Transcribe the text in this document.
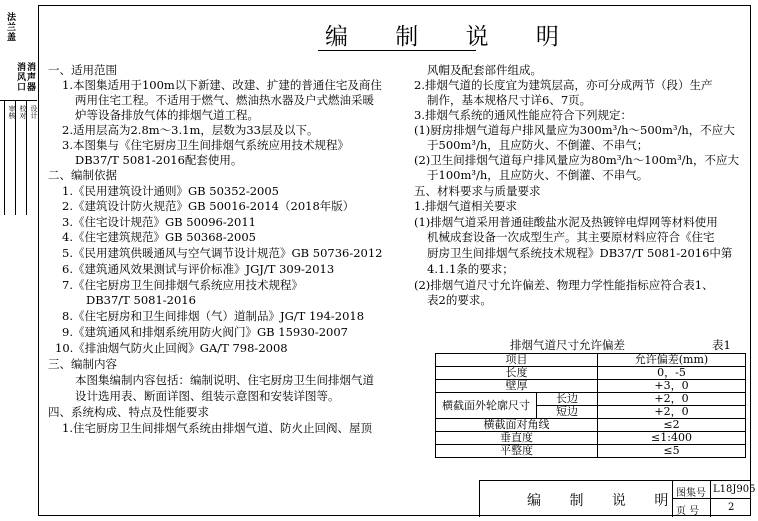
法兰盖
消风口 消声器
审核 校对 设计
编 制 说 明
一、适用范围
1.本图集适用于100m以下新建、改建、扩建的普通住宅及商住
两用住宅工程。不适用于燃气、燃油热水器及户式燃油采暖
炉等设备排放气体的排烟气道工程。
2.适用层高为2.8m～3.1m，层数为33层及以下。
3.本图集与《住宅厨房卫生间排烟气系统应用技术规程》
DB37/T 5081-2016配套使用。
二、编制依据
1.《民用建筑设计通则》GB 50352-2005
2.《建筑设计防火规范》GB 50016-2014（2018年版）
3.《住宅设计规范》GB 50096-2011
4.《住宅建筑规范》GB 50368-2005
5.《民用建筑供暖通风与空气调节设计规范》GB 50736-2012
6.《建筑通风效果测试与评价标准》JGJ/T 309-2013
7.《住宅厨房卫生间排烟气系统应用技术规程》
DB37/T 5081-2016
8.《住宅厨房和卫生间排烟（气）道制品》JG/T 194-2018
9.《建筑通风和排烟系统用防火阀门》GB 15930-2007
10.《排油烟气防火止回阀》GA/T 798-2008
三、编制内容
本图集编制内容包括：编制说明、住宅厨房卫生间排烟气道
设计选用表、断面详图、组装示意图和安装详图等。
四、系统构成、特点及性能要求
1.住宅厨房卫生间排烟气系统由排烟气道、防火止回阀、屋顶
风帽及配套部件组成。
2.排烟气道的长度宜为建筑层高，亦可分成两节（段）生产
制作，基本规格尺寸详6、7页。
3.排烟气系统的通风性能应符合下列规定：
(1)厨房排烟气道每户排风量应为300m³/h～500m³/h，不应大
于500m³/h，且应防火、不倒灌、不串气；
(2)卫生间排烟气道每户排风量应为80m³/h～100m³/h，不应大
于100m³/h，且应防火、不倒灌、不串气。
五、材料要求与质量要求
1.排烟气道相关要求
(1)排烟气道采用普通硅酸盐水泥及热镀锌电焊网等材料使用
机械成套设备一次成型生产。其主要原材料应符合《住宅
厨房卫生间排烟气系统技术规程》DB37/T 5081-2016中第
4.1.1条的要求；
(2)排烟气道尺寸允许偏差、物理力学性能指标应符合表1、
表2的要求。
排烟气道尺寸允许偏差	表1
项目		允许偏差(mm)
长度		0，-5
壁厚		+3，0
横截面外轮廓尺寸	长边	+2，0
	短边	+2，0
横截面对角线		≤2
垂直度		≤1:400
平整度		≤5
编 制 说 明
图集号 L18J905
页 号	2
